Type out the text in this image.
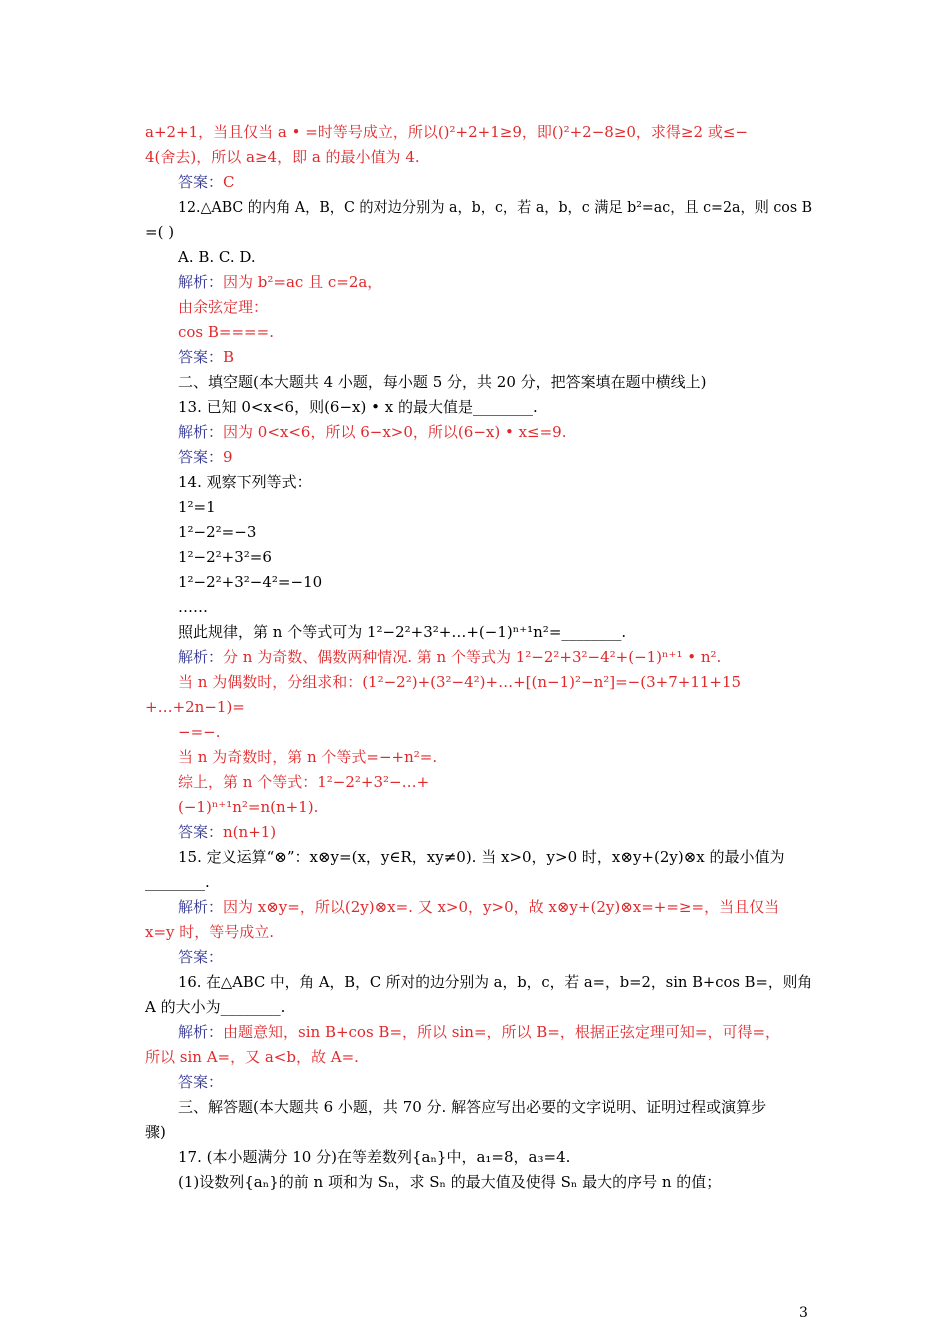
a+2+1，当且仅当 a • =时等号成立，所以()²+2+1≥9，即()²+2−8≥0，求得≥2 或≤−
4(舍去)，所以 a≥4，即 a 的最小值为 4.
答案：C
12.△ABC 的内角 A，B，C 的对边分别为 a，b，c，若 a，b，c 满足 b²=ac，且 c=2a，则 cos B
=( )
A. B. C. D.
解析：因为 b²=ac 且 c=2a，
由余弦定理：
cos B====.
答案：B
二、填空题(本大题共 4 小题，每小题 5 分，共 20 分，把答案填在题中横线上)
13. 已知 0<x<6，则(6−x) • x 的最大值是________.
解析：因为 0<x<6，所以 6−x>0，所以(6−x) • x≤=9.
答案：9
14. 观察下列等式：
1²=1
1²−2²=−3
1²−2²+3²=6
1²−2²+3²−4²=−10
……
照此规律，第 n 个等式可为 1²−2²+3²+…+(−1)ⁿ⁺¹n²=________.
解析：分 n 为奇数、偶数两种情况. 第 n 个等式为 1²−2²+3²−4²+(−1)ⁿ⁺¹ • n².
当 n 为偶数时，分组求和：(1²−2²)+(3²−4²)+…+[(n−1)²−n²]=−(3+7+11+15
+…+2n−1)=
−=−.
当 n 为奇数时，第 n 个等式=−+n²=.
综上，第 n 个等式：1²−2²+3²−…+
(−1)ⁿ⁺¹n²=n(n+1).
答案：n(n+1)
15. 定义运算“⊗”：x⊗y=(x，y∈R，xy≠0). 当 x>0，y>0 时，x⊗y+(2y)⊗x 的最小值为
________.
解析：因为 x⊗y=，所以(2y)⊗x=. 又 x>0，y>0，故 x⊗y+(2y)⊗x=+=≥=，当且仅当
x=y 时，等号成立.
答案：
16. 在△ABC 中，角 A，B，C 所对的边分别为 a，b，c，若 a=，b=2，sin B+cos B=，则角
A 的大小为________.
解析：由题意知，sin B+cos B=，所以 sin=，所以 B=，根据正弦定理可知=，可得=，
所以 sin A=，又 a<b，故 A=.
答案：
三、解答题(本大题共 6 小题，共 70 分. 解答应写出必要的文字说明、证明过程或演算步
骤)
17. (本小题满分 10 分)在等差数列{aₙ}中，a₁=8，a₃=4.
(1)设数列{aₙ}的前 n 项和为 Sₙ，求 Sₙ 的最大值及使得 Sₙ 最大的序号 n 的值；
3
